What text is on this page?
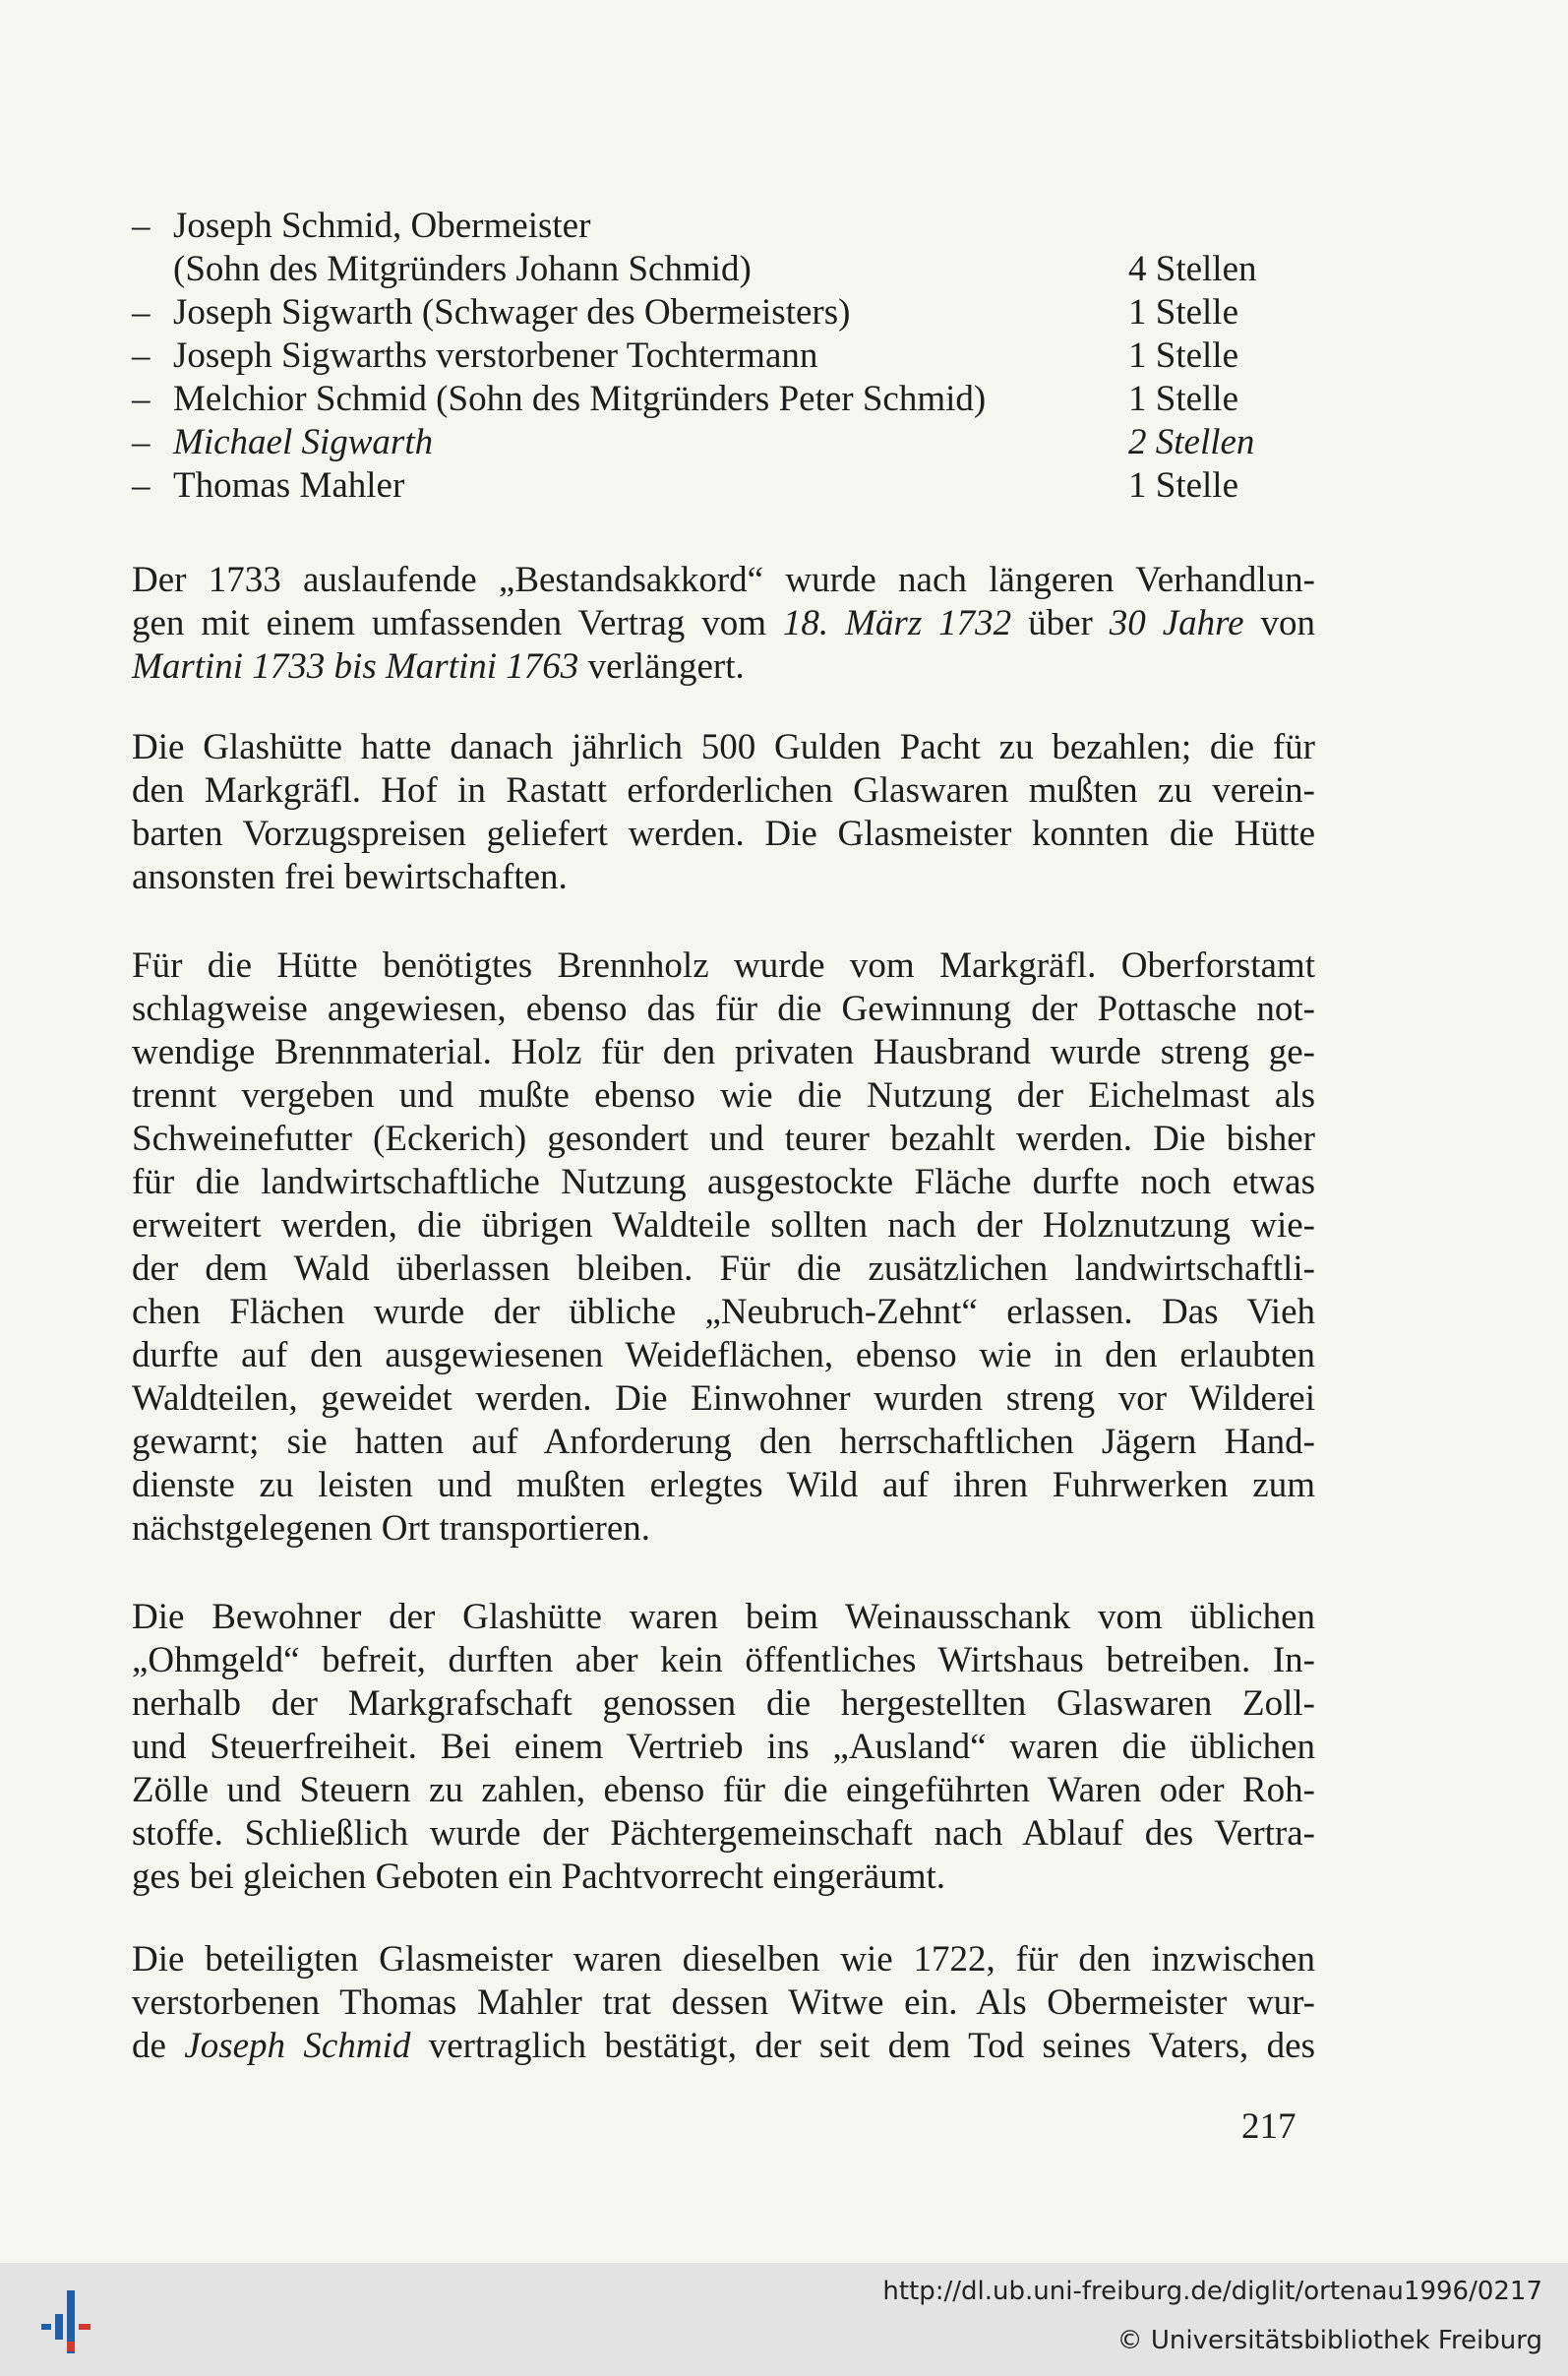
– Joseph Schmid, Obermeister
(Sohn des Mitgründers Johann Schmid)	4 Stellen
– Joseph Sigwarth (Schwager des Obermeisters)	1 Stelle
– Joseph Sigwarths verstorbener Tochtermann	1 Stelle
– Melchior Schmid (Sohn des Mitgründers Peter Schmid)	1 Stelle
– Michael Sigwarth	2 Stellen
– Thomas Mahler	1 Stelle
Der 1733 auslaufende „Bestandsakkord“ wurde nach längeren Verhandlun-
gen mit einem umfassenden Vertrag vom 18. März 1732 über 30 Jahre von
Martini 1733 bis Martini 1763 verlängert.
Die Glashütte hatte danach jährlich 500 Gulden Pacht zu bezahlen; die für
den Markgräfl. Hof in Rastatt erforderlichen Glaswaren mußten zu verein-
barten Vorzugspreisen geliefert werden. Die Glasmeister konnten die Hütte
ansonsten frei bewirtschaften.
Für die Hütte benötigtes Brennholz wurde vom Markgräfl. Oberforstamt
schlagweise angewiesen, ebenso das für die Gewinnung der Pottasche not-
wendige Brennmaterial. Holz für den privaten Hausbrand wurde streng ge-
trennt vergeben und mußte ebenso wie die Nutzung der Eichelmast als
Schweinefutter (Eckerich) gesondert und teurer bezahlt werden. Die bisher
für die landwirtschaftliche Nutzung ausgestockte Fläche durfte noch etwas
erweitert werden, die übrigen Waldteile sollten nach der Holznutzung wie-
der dem Wald überlassen bleiben. Für die zusätzlichen landwirtschaftli-
chen Flächen wurde der übliche „Neubruch-Zehnt“ erlassen. Das Vieh
durfte auf den ausgewiesenen Weideflächen, ebenso wie in den erlaubten
Waldteilen, geweidet werden. Die Einwohner wurden streng vor Wilderei
gewarnt; sie hatten auf Anforderung den herrschaftlichen Jägern Hand-
dienste zu leisten und mußten erlegtes Wild auf ihren Fuhrwerken zum
nächstgelegenen Ort transportieren.
Die Bewohner der Glashütte waren beim Weinausschank vom üblichen
„Ohmgeld“ befreit, durften aber kein öffentliches Wirtshaus betreiben. In-
nerhalb der Markgrafschaft genossen die hergestellten Glaswaren Zoll-
und Steuerfreiheit. Bei einem Vertrieb ins „Ausland“ waren die üblichen
Zölle und Steuern zu zahlen, ebenso für die eingeführten Waren oder Roh-
stoffe. Schließlich wurde der Pächtergemeinschaft nach Ablauf des Vertra-
ges bei gleichen Geboten ein Pachtvorrecht eingeräumt.
Die beteiligten Glasmeister waren dieselben wie 1722, für den inzwischen
verstorbenen Thomas Mahler trat dessen Witwe ein. Als Obermeister wur-
de Joseph Schmid vertraglich bestätigt, der seit dem Tod seines Vaters, des
217
http://dl.ub.uni-freiburg.de/diglit/ortenau1996/0217
© Universitätsbibliothek Freiburg
